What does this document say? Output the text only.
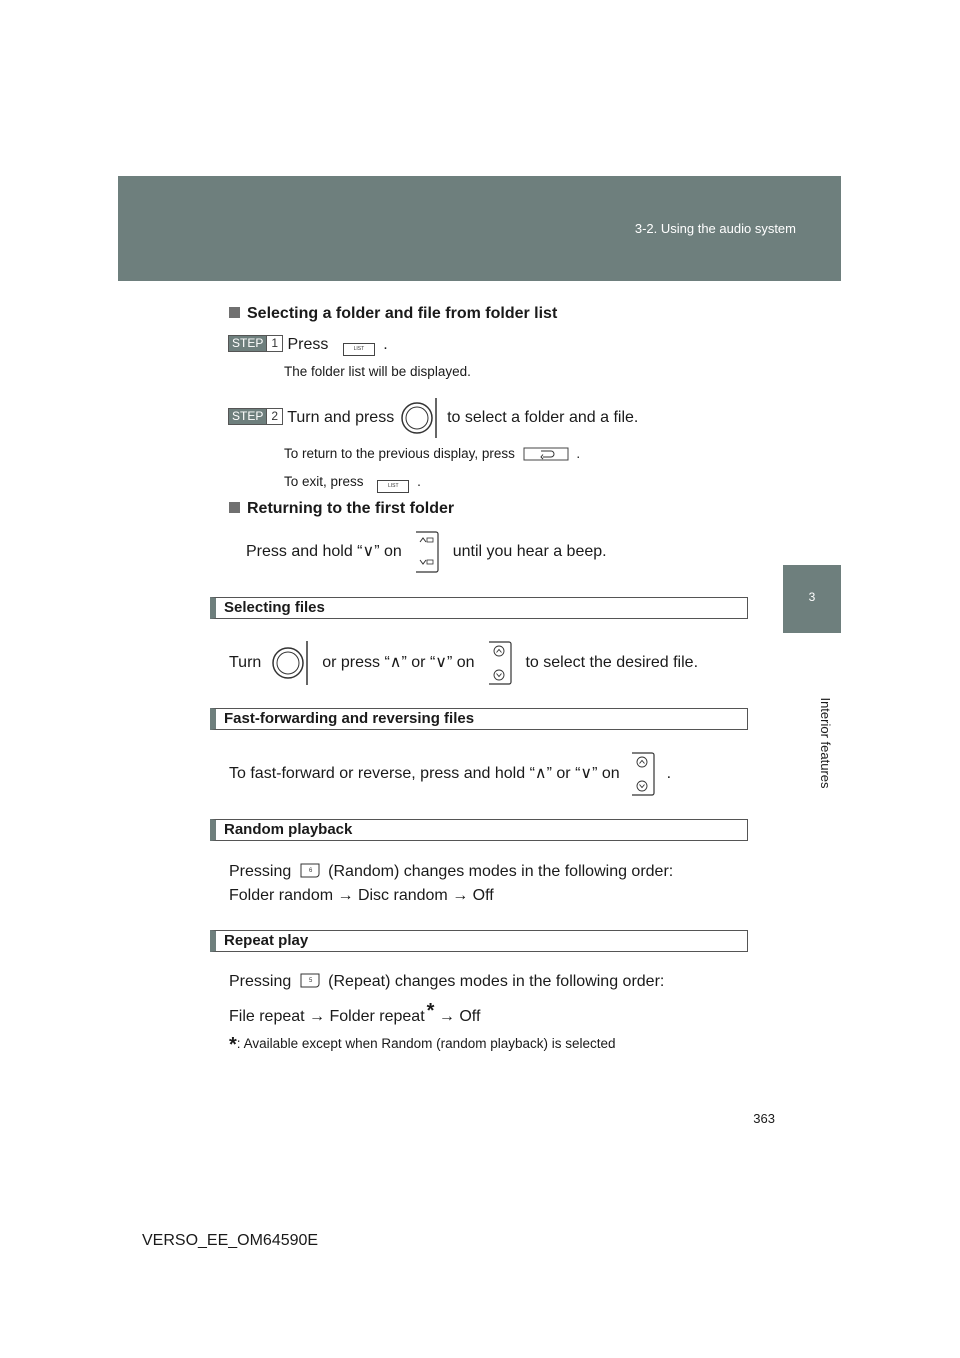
3-2. Using the audio system
3
Interior features
Selecting a folder and file from folder list
STEP 1 Press	LIST .
The folder list will be displayed.
STEP 2 Turn and press	to select a folder and a file.
To return to the previous display, press	.
To exit, press	LIST .
Returning to the first folder
Press and hold “∨” on	until you hear a beep.
Selecting files
Turn	or press “∧” or “∨” on	to select the desired file.
Fast-forwarding and reversing files
To fast-forward or reverse, press and hold “∧” or “∨” on	.
Random playback
Pressing	6 (Random) changes modes in the following order:
Folder random → Disc random → Off
Repeat play
Pressing	5 (Repeat) changes modes in the following order:
File repeat → Folder repeat * → Off
*: Available except when Random (random playback) is selected
363
VERSO_EE_OM64590E
